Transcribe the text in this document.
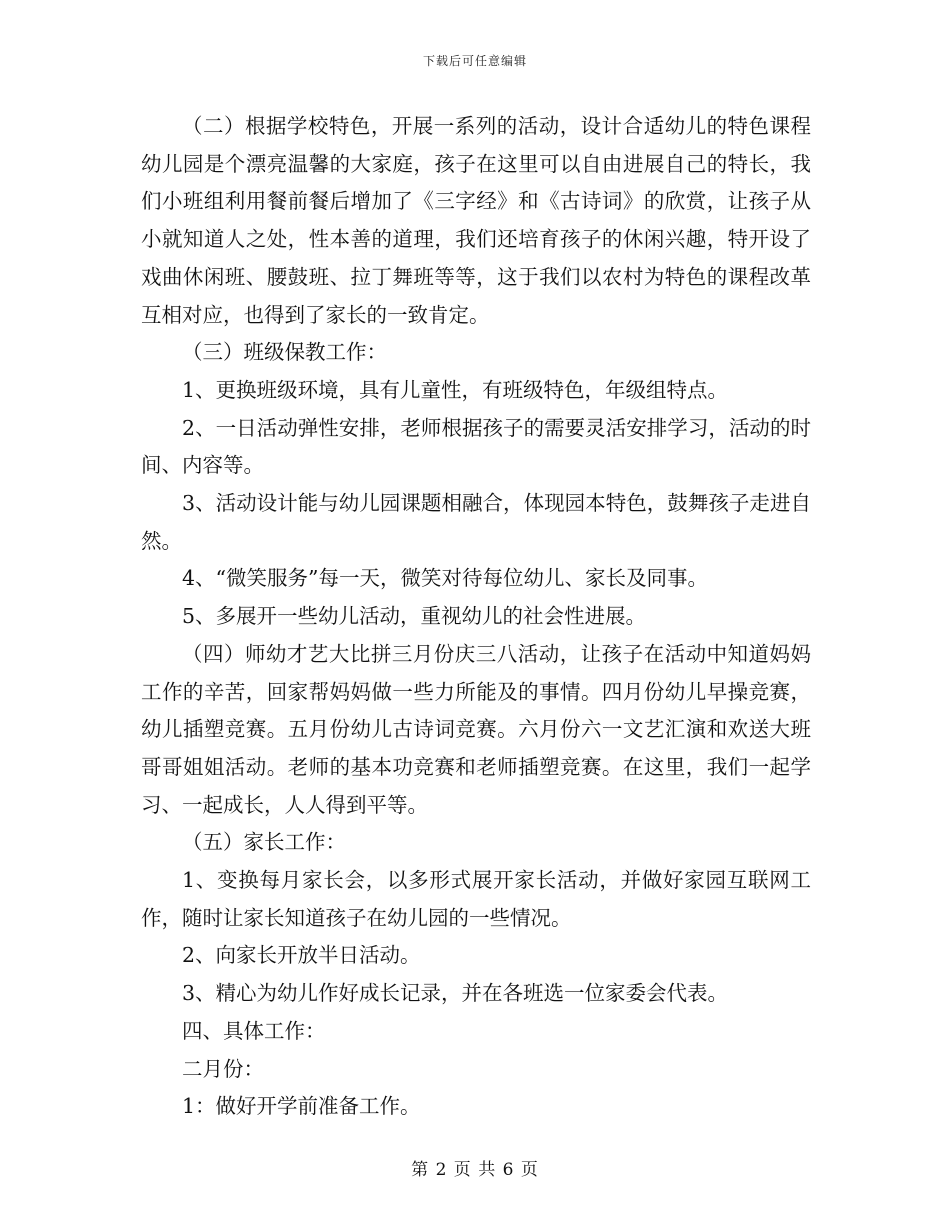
下载后可任意编辑

（二）根据学校特色，开展一系列的活动，设计合适幼儿的特色课程 幼儿园是个漂亮温馨的大家庭，孩子在这里可以自由进展自己的特长，我们小班组利用餐前餐后增加了《三字经》和《古诗词》的欣赏，让孩子从小就知道人之处，性本善的道理，我们还培育孩子的休闲兴趣，特开设了戏曲休闲班、腰鼓班、拉丁舞班等等，这于我们以农村为特色的课程改革互相对应，也得到了家长的一致肯定。

（三）班级保教工作：

1、更换班级环境，具有儿童性，有班级特色，年级组特点。

2、一日活动弹性安排，老师根据孩子的需要灵活安排学习，活动的时间、内容等。

3、活动设计能与幼儿园课题相融合，体现园本特色，鼓舞孩子走进自然。

4、“微笑服务”每一天，微笑对待每位幼儿、家长及同事。

5、多展开一些幼儿活动，重视幼儿的社会性进展。

（四）师幼才艺大比拼三月份庆三八活动，让孩子在活动中知道妈妈工作的辛苦，回家帮妈妈做一些力所能及的事情。四月份幼儿早操竞赛，幼儿插塑竞赛。五月份幼儿古诗词竞赛。六月份六一文艺汇演和欢送大班哥哥姐姐活动。老师的基本功竞赛和老师插塑竞赛。在这里，我们一起学习、一起成长，人人得到平等。

（五）家长工作：

1、变换每月家长会，以多形式展开家长活动，并做好家园互联网工作，随时让家长知道孩子在幼儿园的一些情况。

2、向家长开放半日活动。

3、精心为幼儿作好成长记录，并在各班选一位家委会代表。

四、具体工作：

二月份：

1：做好开学前准备工作。

第 2 页 共 6 页
